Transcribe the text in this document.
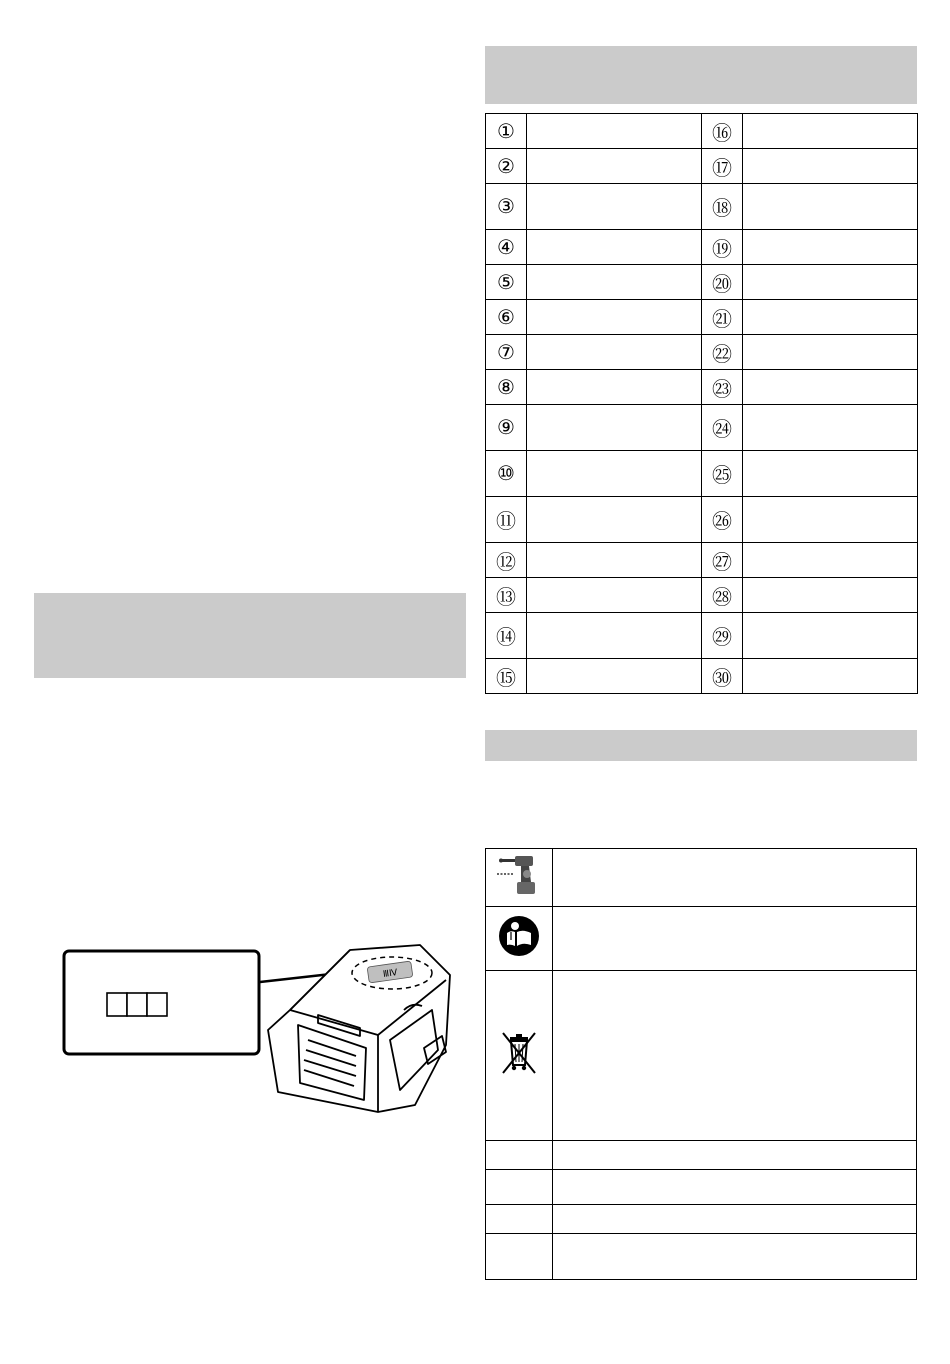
①		⑯	
②		⑰	
③		⑱	
④		⑲	
⑤		⑳	
⑥		㉑	
⑦		㉒	
⑧		㉓	
⑨		㉔	
⑩		㉕	
⑪		㉖	
⑫		㉗	
⑬		㉘	
⑭		㉙	
⑮		㉚	

ⅢⅣ
